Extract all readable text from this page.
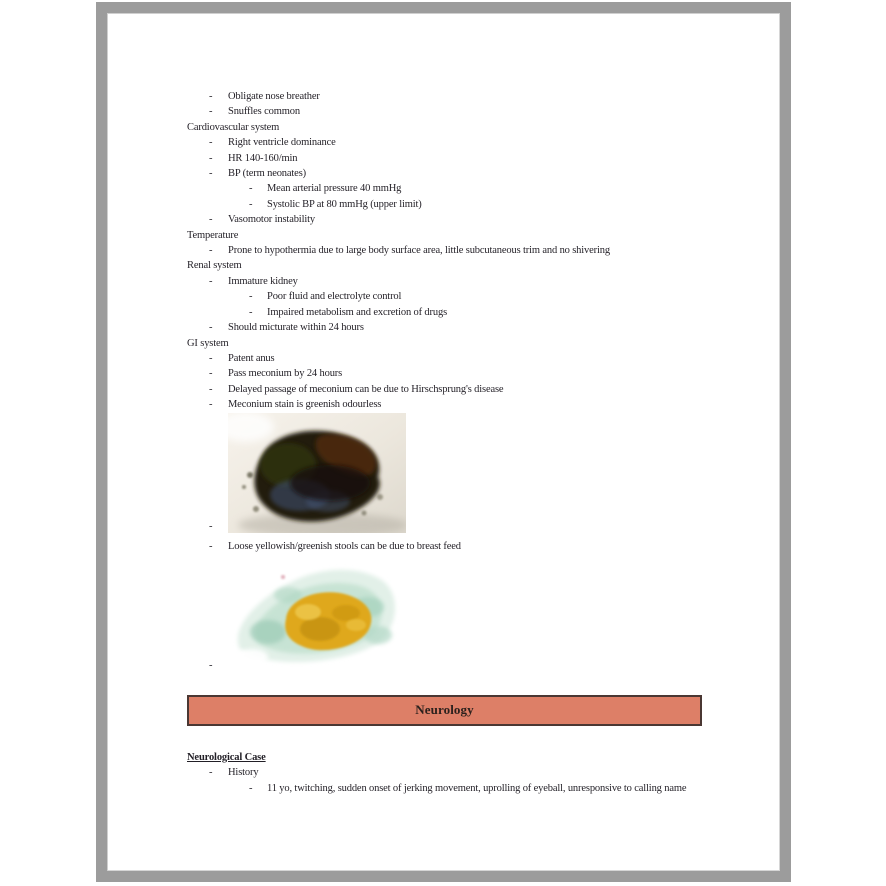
-	Obligate nose breather
-	Snuffles common
Cardiovascular system
-	Right ventricle dominance
-	HR 140-160/min
-	BP (term neonates)
-	Mean arterial pressure 40 mmHg
-	Systolic BP at 80 mmHg (upper limit)
-	Vasomotor instability
Temperature
-	Prone to hypothermia due to large body surface area, little subcutaneous trim and no shivering
Renal system
-	Immature kidney
-	Poor fluid and electrolyte control
-	Impaired metabolism and excretion of drugs
-	Should micturate within 24 hours
GI system
-	Patent anus
-	Pass meconium by 24 hours
-	Delayed passage of meconium can be due to Hirschsprung's disease
-	Meconium stain is greenish odourless
-
-	Loose yellowish/greenish stools can be due to breast feed
-
Neurology
Neurological Case
-	History
-	11 yo, twitching, sudden onset of jerking movement, uprolling of eyeball, unresponsive to calling name
